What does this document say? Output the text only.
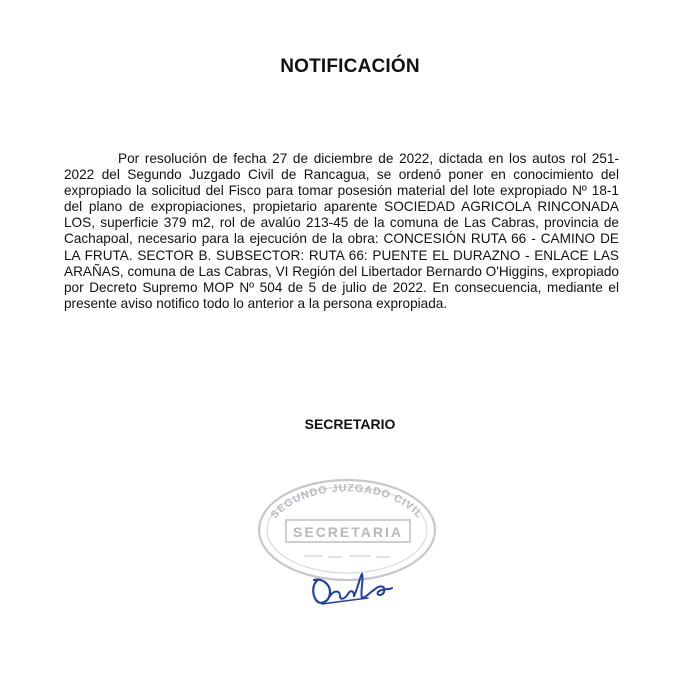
NOTIFICACIÓN
Por resolución de fecha 27 de diciembre de 2022, dictada en los autos rol 251-2022 del Segundo Juzgado Civil de Rancagua, se ordenó poner en conocimiento del expropiado la solicitud del Fisco para tomar posesión material del lote expropiado Nº 18-1 del plano de expropiaciones, propietario aparente SOCIEDAD AGRICOLA RINCONADA LOS, superficie 379 m2, rol de avalúo 213-45 de la comuna de Las Cabras, provincia de Cachapoal, necesario para la ejecución de la obra: CONCESIÓN RUTA 66 - CAMINO DE LA FRUTA. SECTOR B. SUBSECTOR: RUTA 66: PUENTE EL DURAZNO - ENLACE LAS ARAÑAS, comuna de Las Cabras, VI Región del Libertador Bernardo O'Higgins, expropiado por Decreto Supremo MOP Nº 504 de 5 de julio de 2022. En consecuencia, mediante el presente aviso notifico todo lo anterior a la persona expropiada.
SECRETARIO
SEGUNDO JUZGADO CIVIL
SECRETARIA
